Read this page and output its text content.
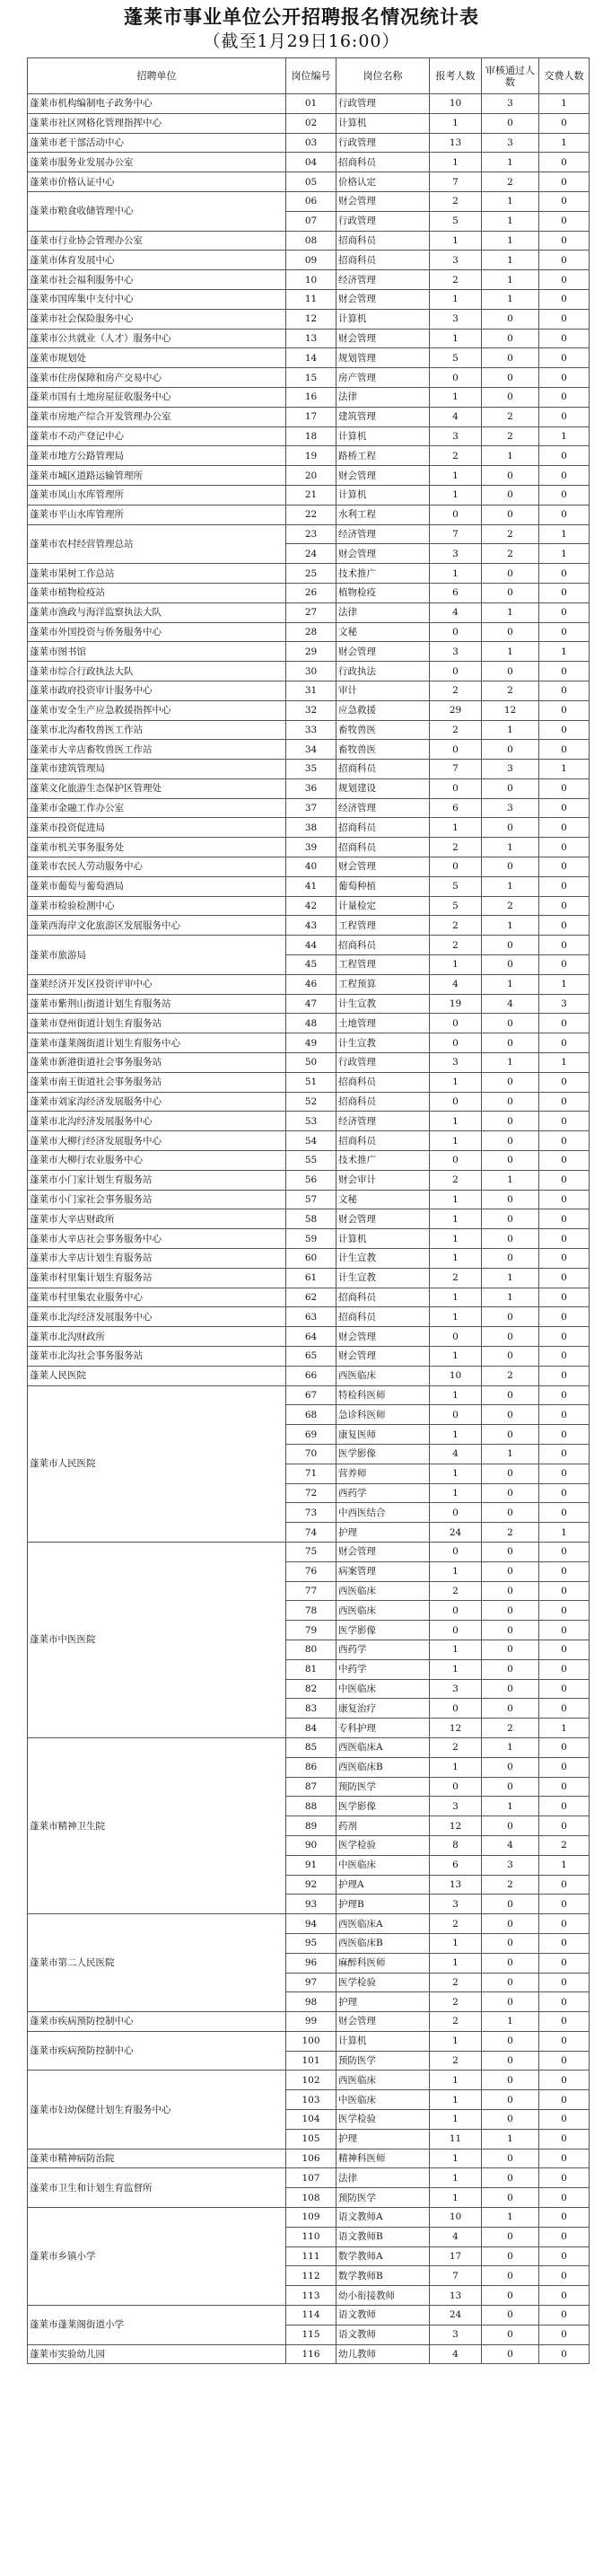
蓬莱市事业单位公开招聘报名情况统计表
（截至1月29日16:00）
招聘单位	岗位编号	岗位名称	报考人数	审核通过人数	交费人数
蓬莱市机构编制电子政务中心	01	行政管理	10	3	1
蓬莱市社区网格化管理指挥中心	02	计算机	1	0	0
蓬莱市老干部活动中心	03	行政管理	13	3	1
蓬莱市服务业发展办公室	04	招商科员	1	1	0
蓬莱市价格认证中心	05	价格认定	7	2	0
蓬莱市粮食收储管理中心	06	财会管理	2	1	0
	07	行政管理	5	1	0
蓬莱市行业协会管理办公室	08	招商科员	1	1	0
蓬莱市体育发展中心	09	招商科员	3	1	0
蓬莱市社会福利服务中心	10	经济管理	2	1	0
蓬莱市国库集中支付中心	11	财会管理	1	1	0
蓬莱市社会保险服务中心	12	计算机	3	0	0
蓬莱市公共就业（人才）服务中心	13	财会管理	1	0	0
蓬莱市规划处	14	规划管理	5	0	0
蓬莱市住房保障和房产交易中心	15	房产管理	0	0	0
蓬莱市国有土地房屋征收服务中心	16	法律	1	0	0
蓬莱市房地产综合开发管理办公室	17	建筑管理	4	2	0
蓬莱市不动产登记中心	18	计算机	3	2	1
蓬莱市地方公路管理局	19	路桥工程	2	1	0
蓬莱市城区道路运输管理所	20	财会管理	1	0	0
蓬莱市凤山水库管理所	21	计算机	1	0	0
蓬莱市平山水库管理所	22	水利工程	0	0	0
蓬莱市农村经营管理总站	23	经济管理	7	2	1
	24	财会管理	3	2	1
蓬莱市果树工作总站	25	技术推广	1	0	0
蓬莱市植物检疫站	26	植物检疫	6	0	0
蓬莱市渔政与海洋监察执法大队	27	法律	4	1	0
蓬莱市外国投资与侨务服务中心	28	文秘	0	0	0
蓬莱市图书馆	29	财会管理	3	1	1
蓬莱市综合行政执法大队	30	行政执法	0	0	0
蓬莱市政府投资审计服务中心	31	审计	2	2	0
蓬莱市安全生产应急救援指挥中心	32	应急救援	29	12	0
蓬莱市北沟畜牧兽医工作站	33	畜牧兽医	2	1	0
蓬莱市大辛店畜牧兽医工作站	34	畜牧兽医	0	0	0
蓬莱市建筑管理局	35	招商科员	7	3	1
蓬莱文化旅游生态保护区管理处	36	规划建设	0	0	0
蓬莱市金融工作办公室	37	经济管理	6	3	0
蓬莱市投资促进局	38	招商科员	1	0	0
蓬莱市机关事务服务处	39	招商科员	2	1	0
蓬莱市农民人劳动服务中心	40	财会管理	0	0	0
蓬莱市葡萄与葡萄酒局	41	葡萄种植	5	1	0
蓬莱市检验检测中心	42	计量检定	5	2	0
蓬莱西海岸文化旅游区发展服务中心	43	工程管理	2	1	0
蓬莱市旅游局	44	招商科员	2	0	0
	45	工程管理	1	0	0
蓬莱经济开发区投资评审中心	46	工程预算	4	1	1
蓬莱市紫荆山街道计划生育服务站	47	计生宣教	19	4	3
蓬莱市登州街道计划生育服务站	48	土地管理	0	0	0
蓬莱市蓬莱阁街道计划生育服务中心	49	计生宣教	0	0	0
蓬莱市新港街道社会事务服务站	50	行政管理	3	1	1
蓬莱市南王街道社会事务服务站	51	招商科员	1	0	0
蓬莱市刘家沟经济发展服务中心	52	招商科员	0	0	0
蓬莱市北沟经济发展服务中心	53	经济管理	1	0	0
蓬莱市大柳行经济发展服务中心	54	招商科员	1	0	0
蓬莱市大柳行农业服务中心	55	技术推广	0	0	0
蓬莱市小门家计划生育服务站	56	财会审计	2	1	0
蓬莱市小门家社会事务服务站	57	文秘	1	0	0
蓬莱市大辛店财政所	58	财会管理	1	0	0
蓬莱市大辛店社会事务服务中心	59	计算机	1	0	0
蓬莱市大辛店计划生育服务站	60	计生宣教	1	0	0
蓬莱市村里集计划生育服务站	61	计生宣教	2	1	0
蓬莱市村里集农业服务中心	62	招商科员	1	1	0
蓬莱市北沟经济发展服务中心	63	招商科员	1	0	0
蓬莱市北沟财政所	64	财会管理	0	0	0
蓬莱市北沟社会事务服务站	65	财会管理	1	0	0
蓬莱人民医院	66	西医临床	10	2	0
蓬莱市人民医院	67	特检科医师	1	0	0
	68	急诊科医师	0	0	0
	69	康复医师	1	0	0
	70	医学影像	4	1	0
	71	营养师	1	0	0
	72	西药学	1	0	0
	73	中西医结合	0	0	0
	74	护理	24	2	1
蓬莱市中医医院	75	财会管理	0	0	0
	76	病案管理	1	0	0
	77	西医临床	2	0	0
	78	西医临床	0	0	0
	79	医学影像	0	0	0
	80	西药学	1	0	0
	81	中药学	1	0	0
	82	中医临床	3	0	0
	83	康复治疗	0	0	0
	84	专科护理	12	2	1
蓬莱市精神卫生院	85	西医临床A	2	1	0
	86	西医临床B	1	0	0
	87	预防医学	0	0	0
	88	医学影像	3	1	0
	89	药剂	12	0	0
	90	医学检验	8	4	2
	91	中医临床	6	3	1
	92	护理A	13	2	0
	93	护理B	3	0	0
蓬莱市第二人民医院	94	西医临床A	2	0	0
	95	西医临床B	1	0	0
	96	麻醉科医师	1	0	0
	97	医学检验	2	0	0
	98	护理	2	0	0
蓬莱市疾病预防控制中心	99	财会管理	2	1	0
蓬莱市疾病预防控制中心	100	计算机	1	0	0
	101	预防医学	2	0	0
蓬莱市妇幼保健计划生育服务中心	102	西医临床	1	0	0
	103	中医临床	1	0	0
	104	医学检验	1	0	0
	105	护理	11	1	0
蓬莱市精神病防治院	106	精神科医师	1	0	0
蓬莱市卫生和计划生育监督所	107	法律	1	0	0
	108	预防医学	1	0	0
蓬莱市乡镇小学	109	语文教师A	10	1	0
	110	语文教师B	4	0	0
	111	数学教师A	17	0	0
	112	数学教师B	7	0	0
	113	幼小衔接教师	13	0	0
蓬莱市蓬莱阁街道小学	114	语文教师	24	0	0
	115	语文教师	3	0	0
蓬莱市实验幼儿园	116	幼儿教师	4	0	0
